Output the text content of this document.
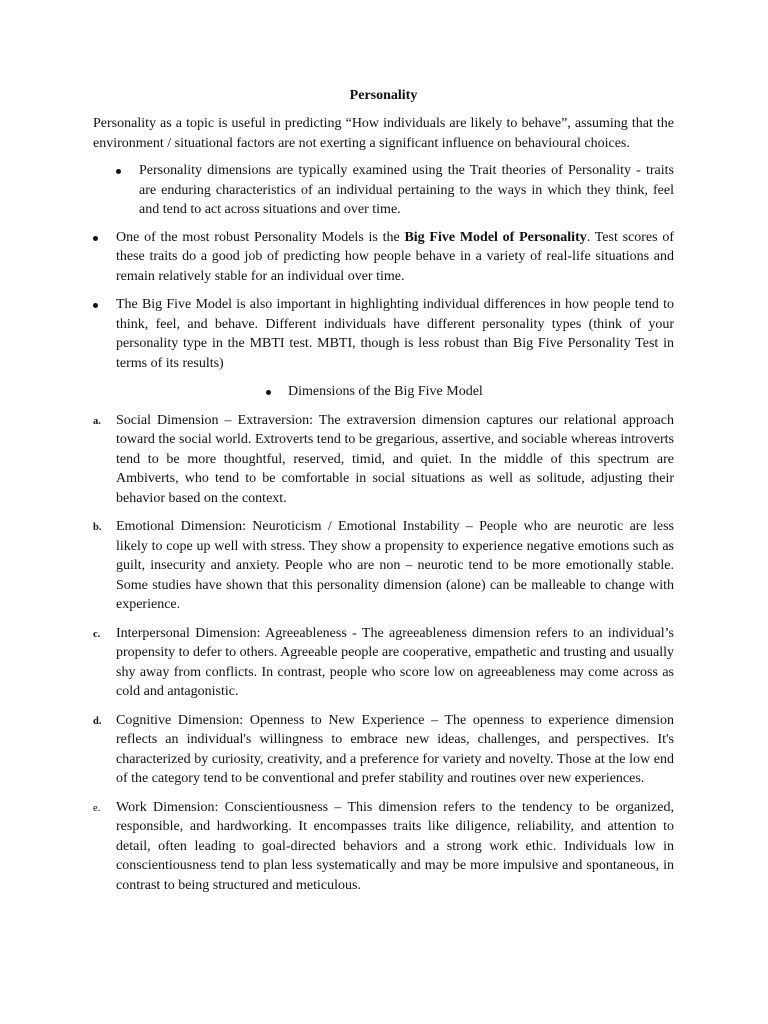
Personality

Personality as a topic is useful in predicting “How individuals are likely to behave”, assuming that the environment / situational factors are not exerting a significant influence on behavioural choices.

Personality dimensions are typically examined using the Trait theories of Personality - traits are enduring characteristics of an individual pertaining to the ways in which they think, feel and tend to act across situations and over time.
One of the most robust Personality Models is the Big Five Model of Personality. Test scores of these traits do a good job of predicting how people behave in a variety of real-life situations and remain relatively stable for an individual over time.
The Big Five Model is also important in highlighting individual differences in how people tend to think, feel, and behave. Different individuals have different personality types (think of your personality type in the MBTI test. MBTI, though is less robust than Big Five Personality Test in terms of its results)
Dimensions of the Big Five Model
a. Social Dimension – Extraversion: The extraversion dimension captures our relational approach toward the social world. Extroverts tend to be gregarious, assertive, and sociable whereas introverts tend to be more thoughtful, reserved, timid, and quiet. In the middle of this spectrum are Ambiverts, who tend to be comfortable in social situations as well as solitude, adjusting their behavior based on the context.
b. Emotional Dimension: Neuroticism / Emotional Instability – People who are neurotic are less likely to cope up well with stress. They show a propensity to experience negative emotions such as guilt, insecurity and anxiety. People who are non – neurotic tend to be more emotionally stable. Some studies have shown that this personality dimension (alone) can be malleable to change with experience.
c. Interpersonal Dimension: Agreeableness - The agreeableness dimension refers to an individual’s propensity to defer to others. Agreeable people are cooperative, empathetic and trusting and usually shy away from conflicts. In contrast, people who score low on agreeableness may come across as cold and antagonistic.
d. Cognitive Dimension: Openness to New Experience – The openness to experience dimension reflects an individual's willingness to embrace new ideas, challenges, and perspectives. It's characterized by curiosity, creativity, and a preference for variety and novelty. Those at the low end of the category tend to be conventional and prefer stability and routines over new experiences.
e. Work Dimension: Conscientiousness – This dimension refers to the tendency to be organized, responsible, and hardworking. It encompasses traits like diligence, reliability, and attention to detail, often leading to goal-directed behaviors and a strong work ethic. Individuals low in conscientiousness tend to plan less systematically and may be more impulsive and spontaneous, in contrast to being structured and meticulous.
